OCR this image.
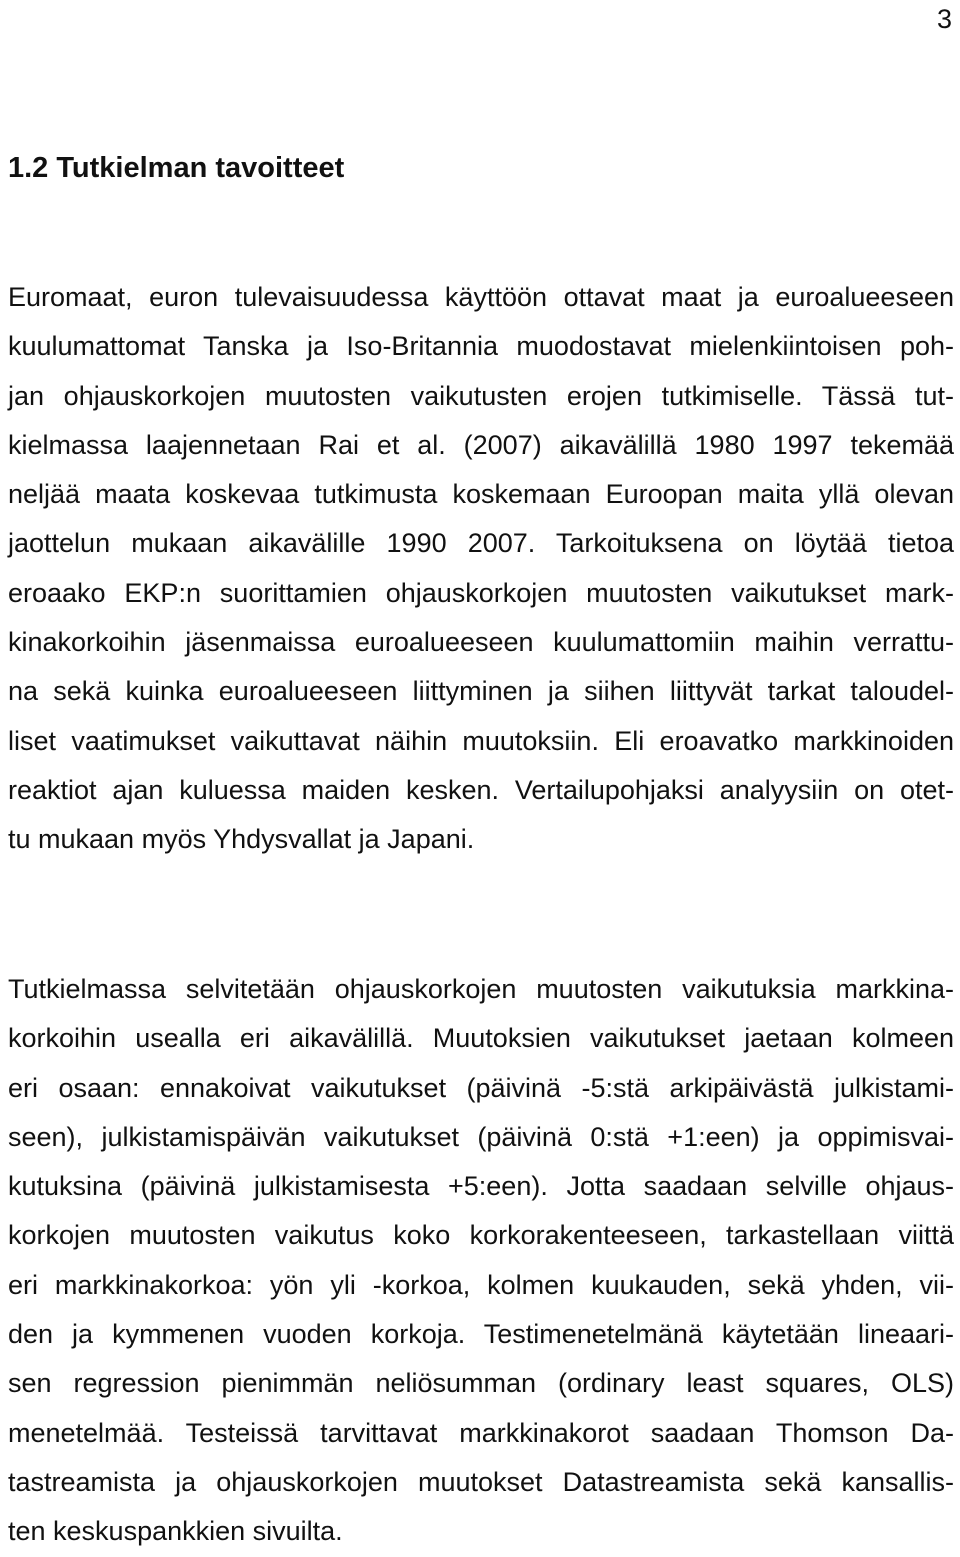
3
1.2 Tutkielman tavoitteet
Euromaat, euron tulevaisuudessa käyttöön ottavat maat ja euroalueeseen
kuulumattomat Tanska ja Iso-Britannia muodostavat mielenkiintoisen poh-
jan ohjauskorkojen muutosten vaikutusten erojen tutkimiselle. Tässä tut-
kielmassa laajennetaan Rai et al. (2007) aikavälillä 1980 1997 tekemää
neljää maata koskevaa tutkimusta koskemaan Euroopan maita yllä olevan
jaottelun mukaan aikavälille 1990 2007. Tarkoituksena on löytää tietoa
eroaako EKP:n suorittamien ohjauskorkojen muutosten vaikutukset mark-
kinakorkoihin jäsenmaissa euroalueeseen kuulumattomiin maihin verrattu-
na sekä kuinka euroalueeseen liittyminen ja siihen liittyvät tarkat taloudel-
liset vaatimukset vaikuttavat näihin muutoksiin. Eli eroavatko markkinoiden
reaktiot ajan kuluessa maiden kesken. Vertailupohjaksi analyysiin on otet-
tu mukaan myös Yhdysvallat ja Japani.
Tutkielmassa selvitetään ohjauskorkojen muutosten vaikutuksia markkina-
korkoihin usealla eri aikavälillä. Muutoksien vaikutukset jaetaan kolmeen
eri osaan: ennakoivat vaikutukset (päivinä -5:stä arkipäivästä julkistami-
seen), julkistamispäivän vaikutukset (päivinä 0:stä +1:een) ja oppimisvai-
kutuksina (päivinä julkistamisesta +5:een). Jotta saadaan selville ohjaus-
korkojen muutosten vaikutus koko korkorakenteeseen, tarkastellaan viittä
eri markkinakorkoa: yön yli -korkoa, kolmen kuukauden, sekä yhden, vii-
den ja kymmenen vuoden korkoja. Testimenetelmänä käytetään lineaari-
sen regression pienimmän neliösumman (ordinary least squares, OLS)
menetelmää. Testeissä tarvittavat markkinakorot saadaan Thomson Da-
tastreamista ja ohjauskorkojen muutokset Datastreamista sekä kansallis-
ten keskuspankkien sivuilta.
